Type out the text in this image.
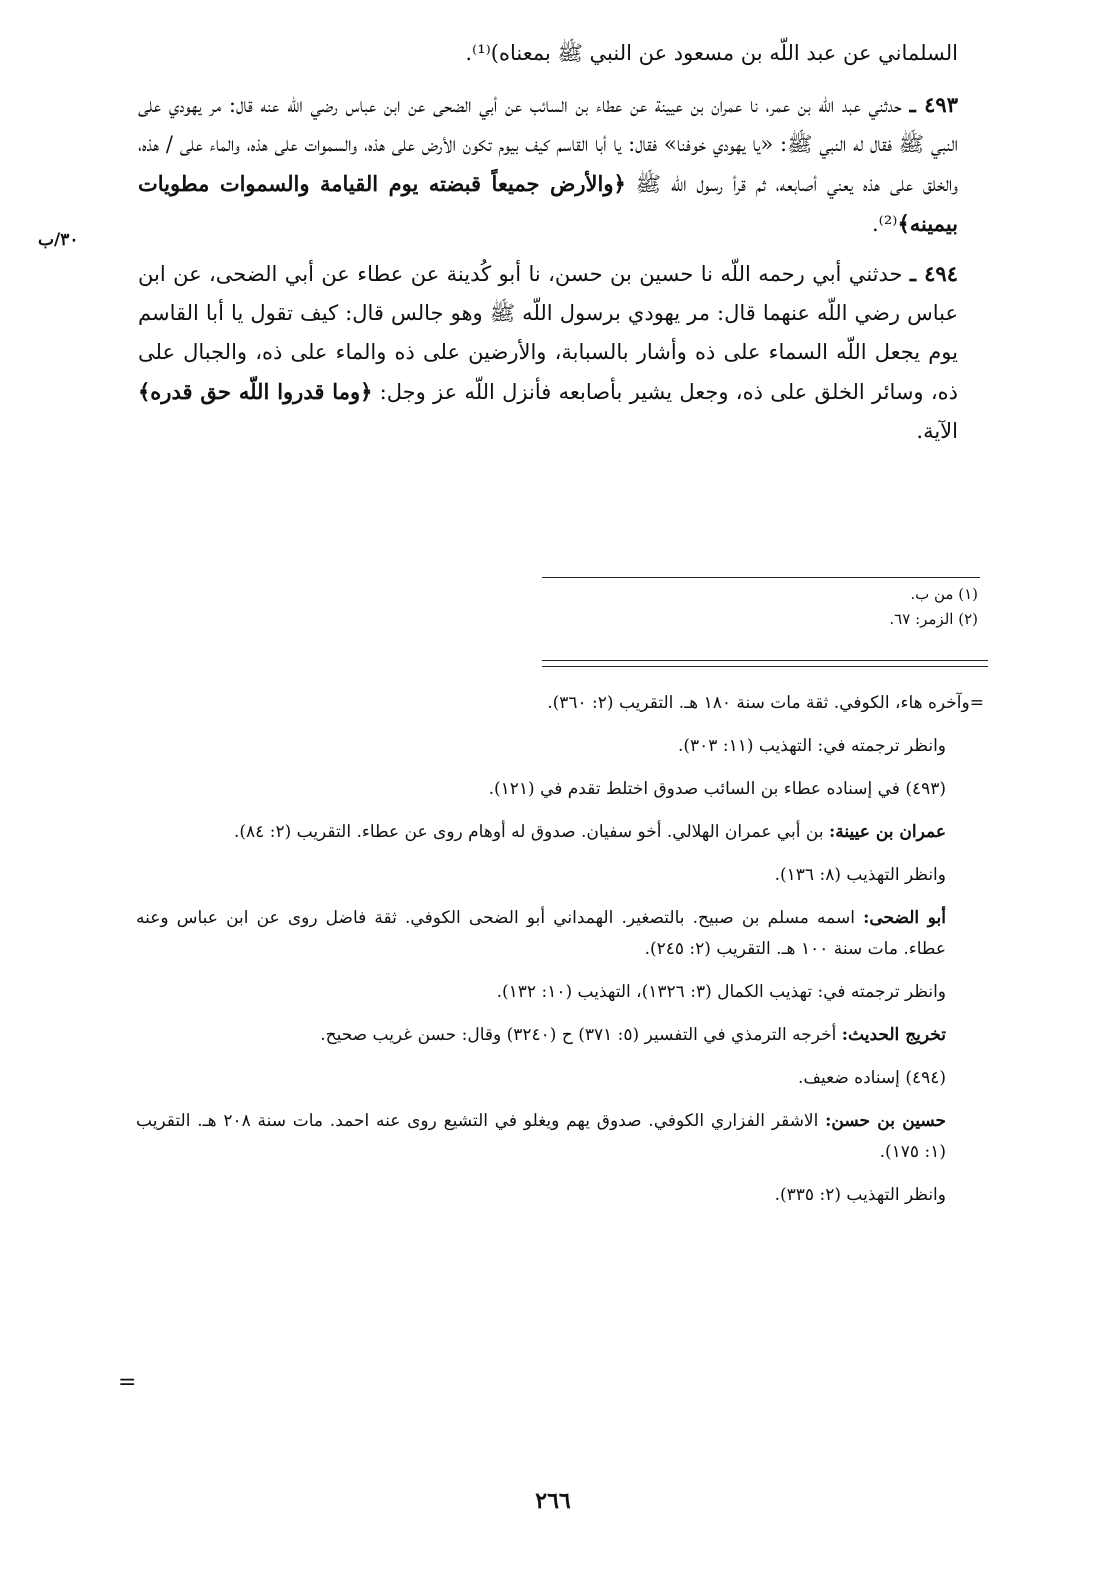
السلماني عن عبد اللّه بن مسعود عن النبي ﷺ بمعناه)⁽¹⁾.

٤٩٣ ـ حدثني عبد اللّه بن عمر، نا عمران بن عيينة عن عطاء بن السائب عن أبي الضحى عن ابن عباس رضي اللّه عنه قال: مر يهودي على النبي ﷺ فقال له النبي ﷺ: «يا يهودي خوفنا» فقال: يا أبا القاسم كيف بيوم تكون الأرض على هذه، والسموات على هذه، والماء على / هذه، والخلق على هذه يعني أصابعه، ثم قرأ رسول اللّه ﷺ ﴿والأرض جميعاً قبضته يوم القيامة والسموات مطويات بيمينه﴾⁽²⁾.

٤٩٤ ـ حدثني أبي رحمه اللّه نا حسين بن حسن، نا أبو كُدينة عن عطاء عن أبي الضحى، عن ابن عباس رضي اللّه عنهما قال: مر يهودي برسول اللّه ﷺ وهو جالس قال: كيف تقول يا أبا القاسم يوم يجعل اللّه السماء على ذه وأشار بالسبابة، والأرضين على ذه والماء على ذه، والجبال على ذه، وسائر الخلق على ذه، وجعل يشير بأصابعه فأنزل اللّه عز وجل: ﴿وما قدروا اللّه حق قدره﴾ الآية.

٣٠/ب
(١) من ب.
(٢) الزمر: ٦٧.

=وآخره هاء، الكوفي. ثقة مات سنة ١٨٠ هـ. التقريب (٢: ٣٦٠).

وانظر ترجمته في: التهذيب (١١: ٣٠٣).

(٤٩٣) في إسناده عطاء بن السائب صدوق اختلط تقدم في (١٢١).

عمران بن عيينة: بن أبي عمران الهلالي. أخو سفيان. صدوق له أوهام روى عن عطاء. التقريب (٢: ٨٤).

وانظر التهذيب (٨: ١٣٦).

أبو الضحى: اسمه مسلم بن صبيح. بالتصغير. الهمداني أبو الضحى الكوفي. ثقة فاضل روى عن ابن عباس وعنه عطاء. مات سنة ١٠٠ هـ. التقريب (٢: ٢٤٥).

وانظر ترجمته في: تهذيب الكمال (٣: ١٣٢٦)، التهذيب (١٠: ١٣٢).

تخريج الحديث: أخرجه الترمذي في التفسير (٥: ٣٧١) ح (٣٢٤٠) وقال: حسن غريب صحيح.

(٤٩٤) إسناده ضعيف.

حسين بن حسن: الاشقر الفزاري الكوفي. صدوق يهم ويغلو في التشيع روى عنه احمد. مات سنة ٢٠٨ هـ. التقريب (١: ١٧٥).

وانظر التهذيب (٢: ٣٣٥).

=
٢٦٦
